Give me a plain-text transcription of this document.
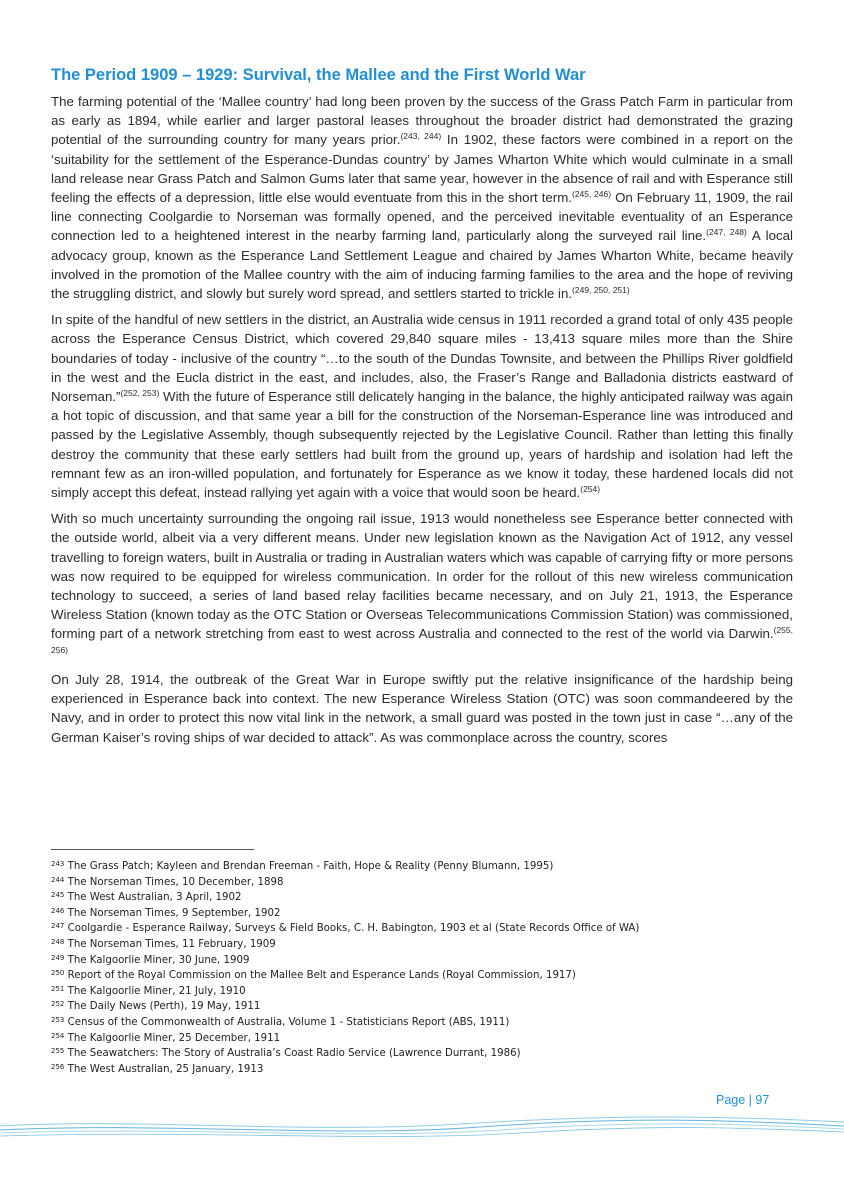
The Period 1909 – 1929: Survival, the Mallee and the First World War

The farming potential of the ‘Mallee country’ had long been proven by the success of the Grass Patch Farm in particular from as early as 1894, while earlier and larger pastoral leases throughout the broader district had demonstrated the grazing potential of the surrounding country for many years prior.$^{(243, 244)}$ In 1902, these factors were combined in a report on the ‘suitability for the settlement of the Esperance-Dundas country’ by James Wharton White which would culminate in a small land release near Grass Patch and Salmon Gums later that same year, however in the absence of rail and with Esperance still feeling the effects of a depression, little else would eventuate from this in the short term.$^{(245, 246)}$ On February 11, 1909, the rail line connecting Coolgardie to Norseman was formally opened, and the perceived inevitable eventuality of an Esperance connection led to a heightened interest in the nearby farming land, particularly along the surveyed rail line.$^{(247, 248)}$ A local advocacy group, known as the Esperance Land Settlement League and chaired by James Wharton White, became heavily involved in the promotion of the Mallee country with the aim of inducing farming families to the area and the hope of reviving the struggling district, and slowly but surely word spread, and settlers started to trickle in.$^{(249, 250, 251)}$

In spite of the handful of new settlers in the district, an Australia wide census in 1911 recorded a grand total of only 435 people across the Esperance Census District, which covered 29,840 square miles - 13,413 square miles more than the Shire boundaries of today - inclusive of the country “…to the south of the Dundas Townsite, and between the Phillips River goldfield in the west and the Eucla district in the east, and includes, also, the Fraser’s Range and Balladonia districts eastward of Norseman.”$^{(252, 253)}$ With the future of Esperance still delicately hanging in the balance, the highly anticipated railway was again a hot topic of discussion, and that same year a bill for the construction of the Norseman-Esperance line was introduced and passed by the Legislative Assembly, though subsequently rejected by the Legislative Council. Rather than letting this finally destroy the community that these early settlers had built from the ground up, years of hardship and isolation had left the remnant few as an iron-willed population, and fortunately for Esperance as we know it today, these hardened locals did not simply accept this defeat, instead rallying yet again with a voice that would soon be heard.$^{(254)}$

With so much uncertainty surrounding the ongoing rail issue, 1913 would nonetheless see Esperance better connected with the outside world, albeit via a very different means. Under new legislation known as the Navigation Act of 1912, any vessel travelling to foreign waters, built in Australia or trading in Australian waters which was capable of carrying fifty or more persons was now required to be equipped for wireless communication. In order for the rollout of this new wireless communication technology to succeed, a series of land based relay facilities became necessary, and on July 21, 1913, the Esperance Wireless Station (known today as the OTC Station or Overseas Telecommunications Commission Station) was commissioned, forming part of a network stretching from east to west across Australia and connected to the rest of the world via Darwin.$^{(255, 256)}$

On July 28, 1914, the outbreak of the Great War in Europe swiftly put the relative insignificance of the hardship being experienced in Esperance back into context. The new Esperance Wireless Station (OTC) was soon commandeered by the Navy, and in order to protect this now vital link in the network, a small guard was posted in the town just in case “…any of the German Kaiser’s roving ships of war decided to attack”. As was commonplace across the country, scores

$^{243}$ The Grass Patch; Kayleen and Brendan Freeman - Faith, Hope & Reality (Penny Blumann, 1995)
$^{244}$ The Norseman Times, 10 December, 1898
$^{245}$ The West Australian, 3 April, 1902
$^{246}$ The Norseman Times, 9 September, 1902
$^{247}$ Coolgardie - Esperance Railway, Surveys & Field Books, C. H. Babington, 1903 et al (State Records Office of WA)
$^{248}$ The Norseman Times, 11 February, 1909
$^{249}$ The Kalgoorlie Miner, 30 June, 1909
$^{250}$ Report of the Royal Commission on the Mallee Belt and Esperance Lands (Royal Commission, 1917)
$^{251}$ The Kalgoorlie Miner, 21 July, 1910
$^{252}$ The Daily News (Perth), 19 May, 1911
$^{253}$ Census of the Commonwealth of Australia, Volume 1 - Statisticians Report (ABS, 1911)
$^{254}$ The Kalgoorlie Miner, 25 December, 1911
$^{255}$ The Seawatchers: The Story of Australia’s Coast Radio Service (Lawrence Durrant, 1986)
$^{256}$ The West Australian, 25 January, 1913
Page | 97
